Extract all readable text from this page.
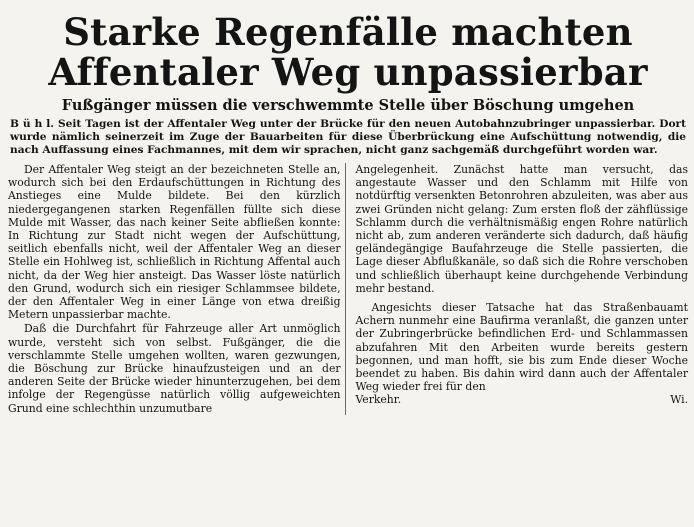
Starke Regenfälle machten
Affentaler Weg unpassierbar
Fußgänger müssen die verschwemmte Stelle über Böschung umgehen
B ü h l. Seit Tagen ist der Affentaler Weg unter der Brücke für den neuen Autobahnzubringer unpassierbar. Dort wurde nämlich seinerzeit im Zuge der Bauarbeiten für diese Überbrückung eine Aufschüttung notwendig, die nach Auffassung eines Fachmannes, mit dem wir sprachen, nicht ganz sachgemäß durchgeführt worden war.

Der Affentaler Weg steigt an der bezeichneten Stelle an, wodurch sich bei den Erdaufschüttungen in Richtung des Anstieges eine Mulde bildete. Bei den kürzlich niedergegangenen starken Regenfällen füllte sich diese Mulde mit Wasser, das nach keiner Seite abfließen konnte: In Richtung zur Stadt nicht wegen der Aufschüttung, seitlich ebenfalls nicht, weil der Affentaler Weg an dieser Stelle ein Hohlweg ist, schließlich in Richtung Affental auch nicht, da der Weg hier ansteigt. Das Wasser löste natürlich den Grund, wodurch sich ein riesiger Schlammsee bildete, der den Affentaler Weg in einer Länge von etwa dreißig Metern unpassierbar machte.

Daß die Durchfahrt für Fahrzeuge aller Art unmöglich wurde, versteht sich von selbst. Fußgänger, die die verschlammte Stelle umgehen wollten, waren gezwungen, die Böschung zur Brücke hinaufzusteigen und an der anderen Seite der Brücke wieder hinunterzugehen, bei dem infolge der Regengüsse natürlich völlig aufgeweichten Grund eine schlechthin unzumutbare

Angelegenheit. Zunächst hatte man versucht, das angestaute Wasser und den Schlamm mit Hilfe von notdürftig versenkten Betonrohren abzuleiten, was aber aus zwei Gründen nicht gelang: Zum ersten floß der zähflüssige Schlamm durch die verhältnismäßig engen Rohre natürlich nicht ab, zum anderen veränderte sich dadurch, daß häufig geländegängige Baufahrzeuge die Stelle passierten, die Lage dieser Abflußkanäle, so daß sich die Rohre verschoben und schließlich überhaupt keine durchgehende Verbindung mehr bestand.

Angesichts dieser Tatsache hat das Straßenbauamt Achern nunmehr eine Baufirma veranlaßt, die ganzen unter der Zubringerbrücke befindlichen Erd- und Schlammassen abzufahren Mit den Arbeiten wurde bereits gestern begonnen, und man hofft, sie bis zum Ende dieser Woche beendet zu haben. Bis dahin wird dann auch der Affentaler Weg wieder frei für den

Verkehr.	Wi.
